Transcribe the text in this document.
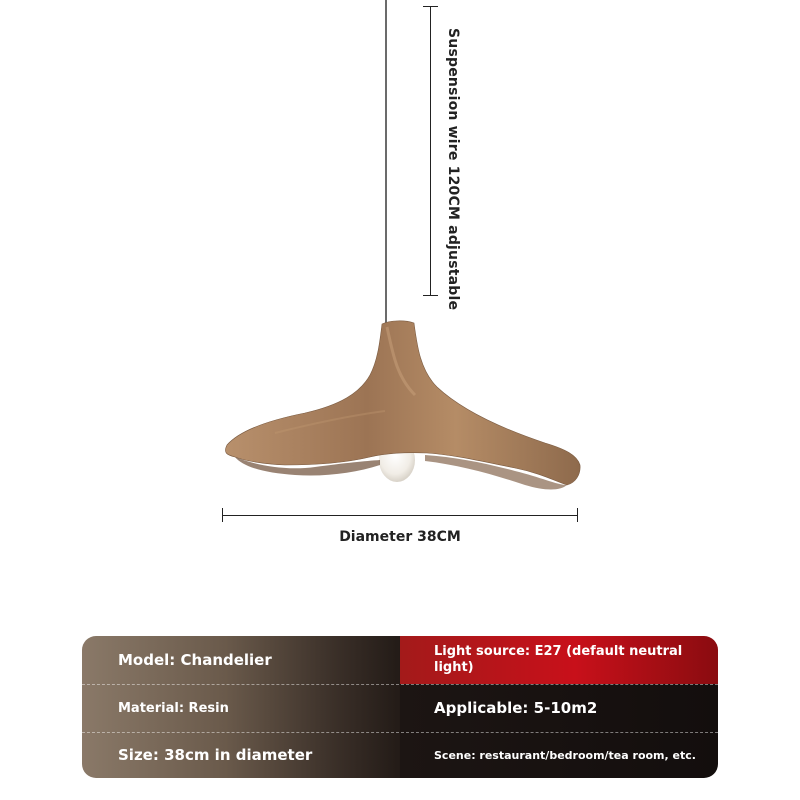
Suspension wire 120CM adjustable
Diameter 38CM
Model: Chandelier	Light source: E27 (default neutral light)
Material: Resin	Applicable: 5-10m2
Size: 38cm in diameter	Scene: restaurant/bedroom/tea room, etc.
